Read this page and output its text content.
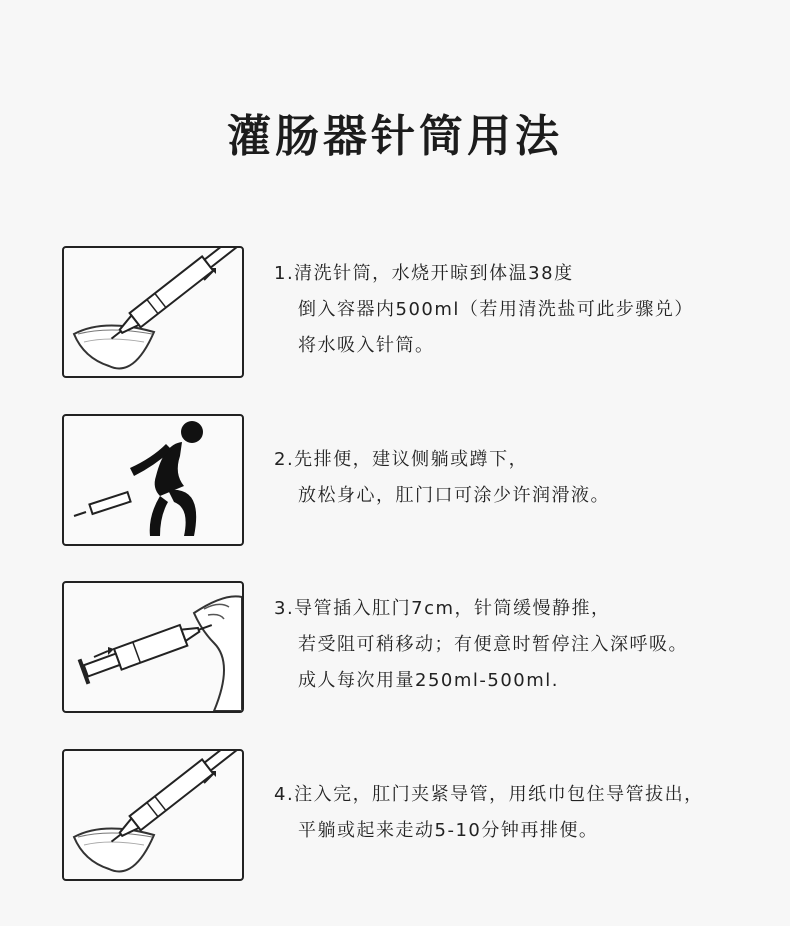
灌肠器针筒用法
1.清洗针筒，水烧开晾到体温38度
倒入容器内500ml（若用清洗盐可此步骤兑）
将水吸入针筒。
2.先排便，建议侧躺或蹲下，
放松身心，肛门口可涂少许润滑液。
3.导管插入肛门7cm，针筒缓慢静推，
若受阻可稍移动；有便意时暂停注入深呼吸。
成人每次用量250ml-500ml.
4.注入完，肛门夹紧导管，用纸巾包住导管拔出，
平躺或起来走动5-10分钟再排便。
